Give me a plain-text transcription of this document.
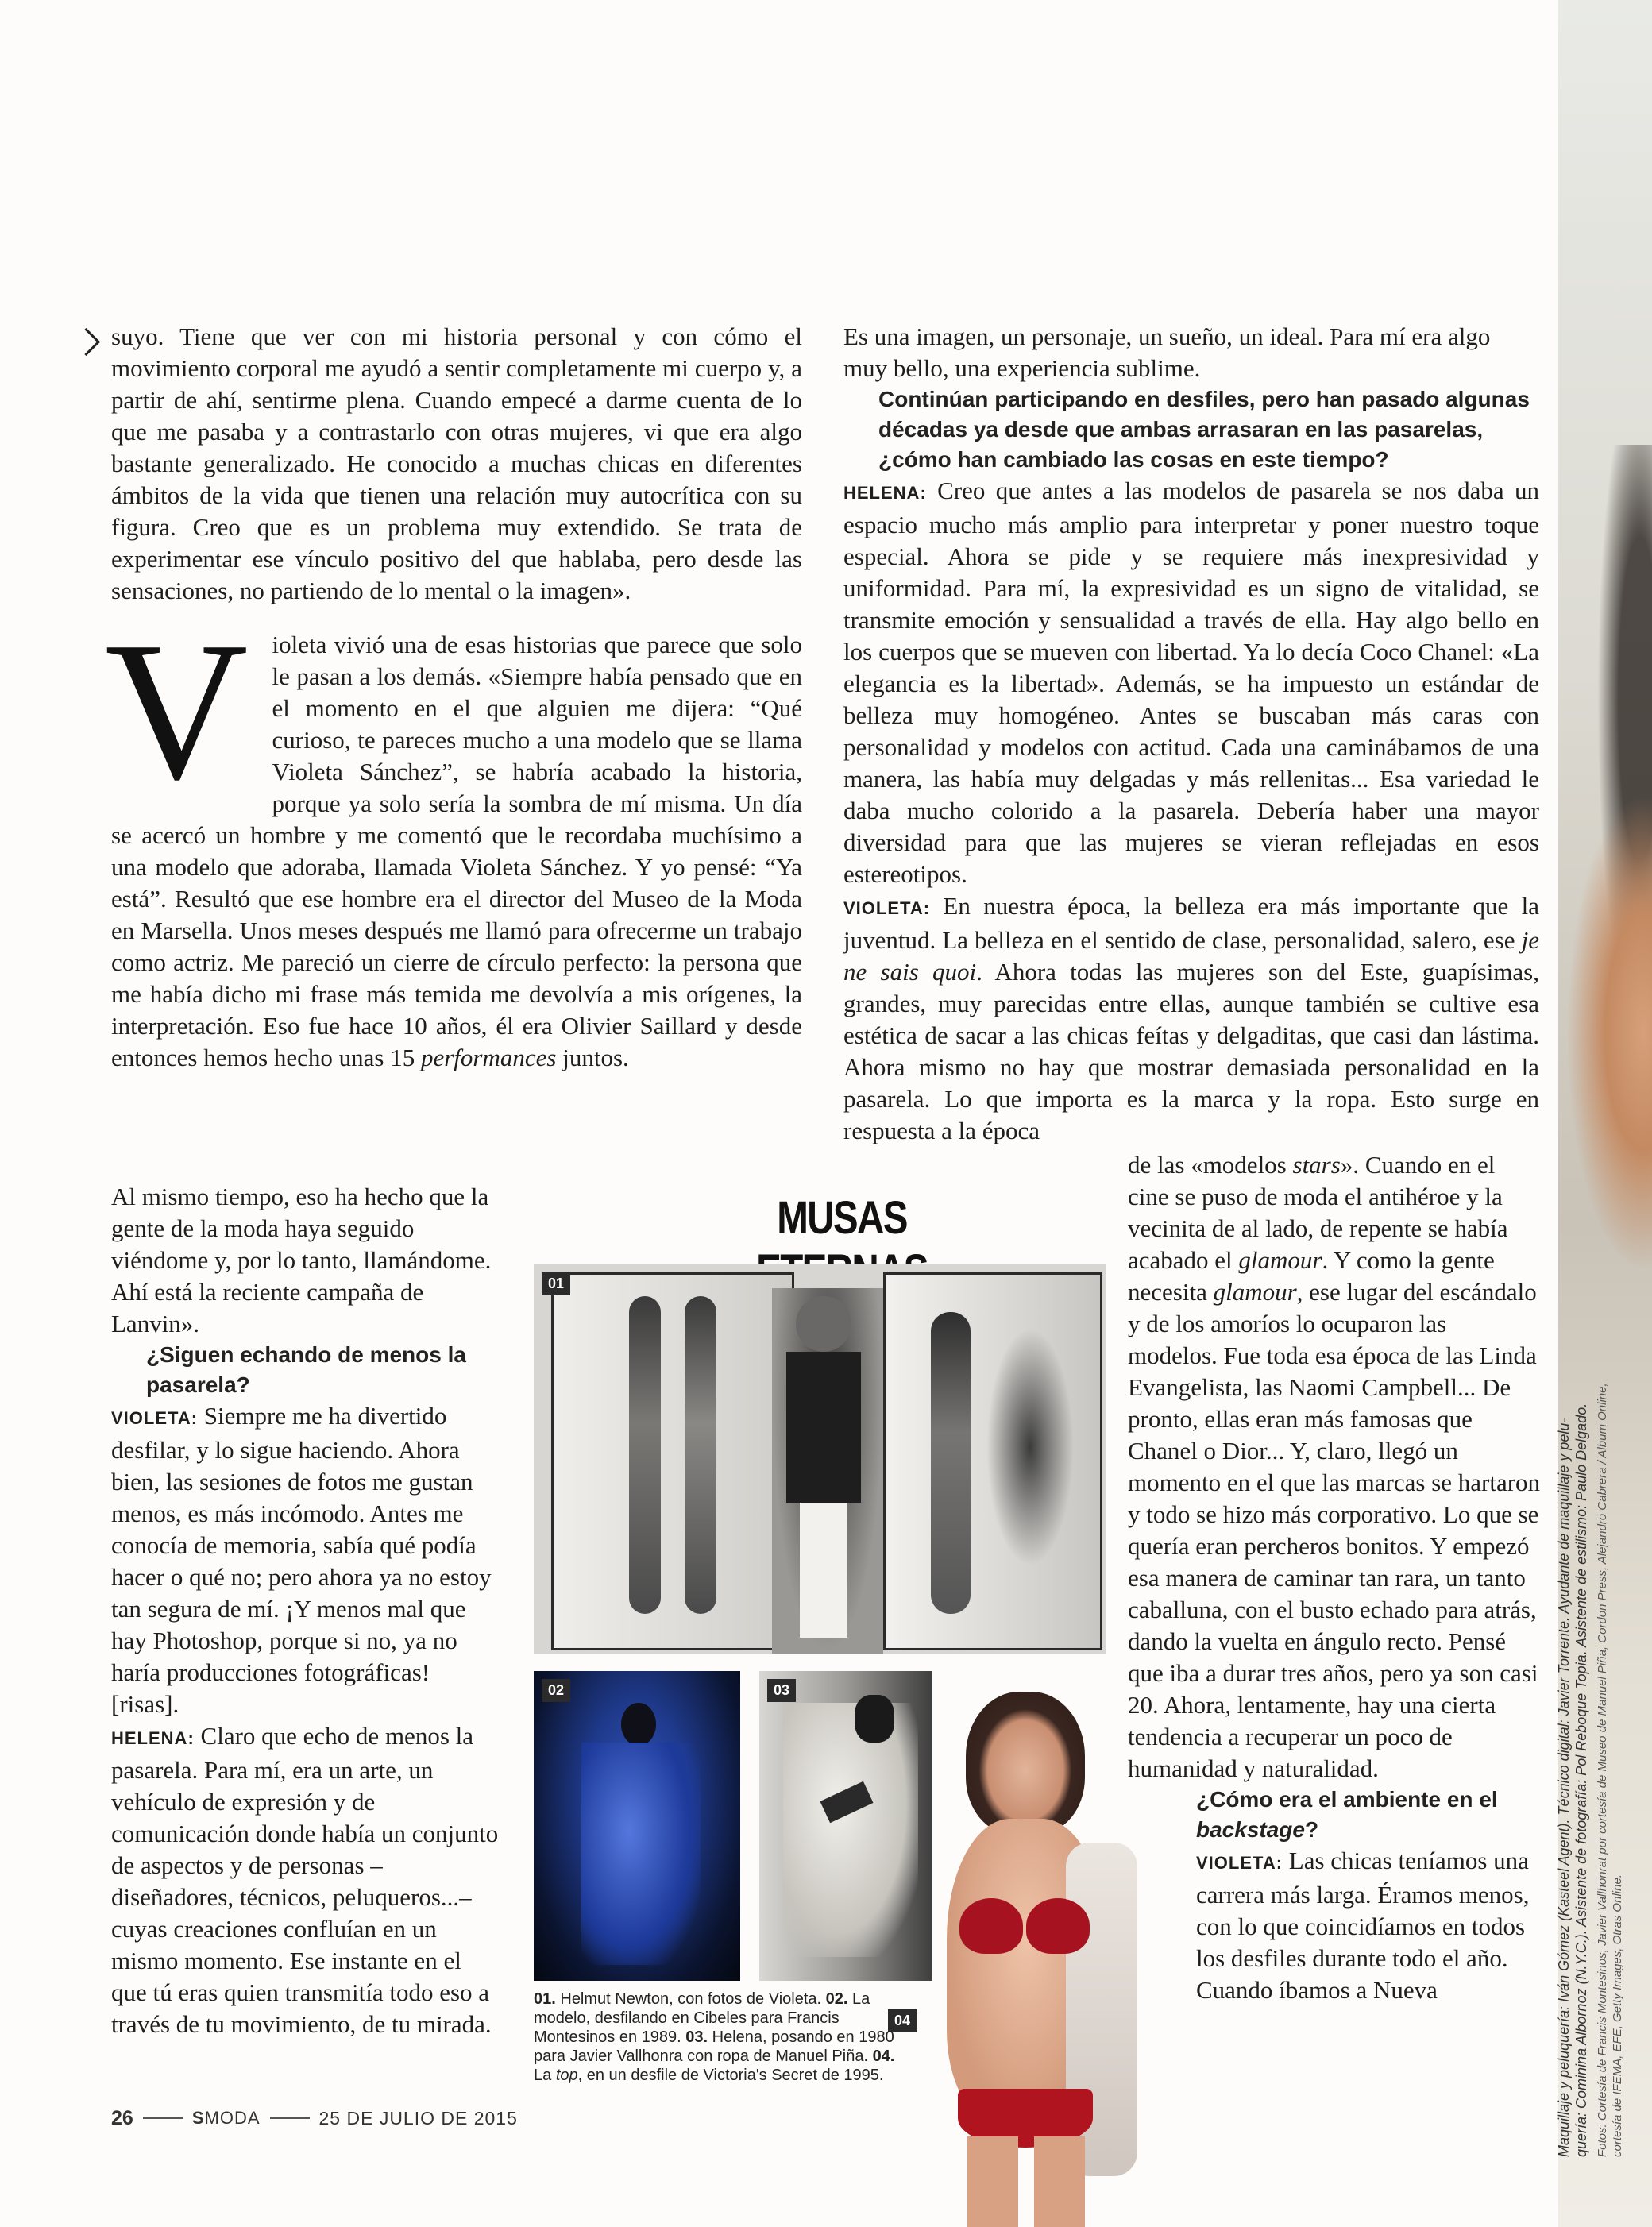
suyo. Tiene que ver con mi historia personal y con cómo el movimiento corporal me ayudó a sentir completamente mi cuerpo y, a partir de ahí, sentirme plena. Cuando empecé a darme cuenta de lo que me pasaba y a contrastarlo con otras mujeres, vi que era algo bastante generalizado. He conocido a muchas chicas en diferentes ámbitos de la vida que tienen una relación muy autocrítica con su figura. Creo que es un problema muy extendido. Se trata de experimentar ese vínculo positivo del que hablaba, pero desde las sensaciones, no partiendo de lo mental o la imagen».

Violeta vivió una de esas historias que parece que solo le pasan a los demás. «Siempre había pensado que en el momento en el que alguien me dijera: “Qué curioso, te pareces mucho a una modelo que se llama Violeta Sánchez”, se habría acabado la historia, porque ya solo sería la sombra de mí misma. Un día se acercó un hombre y me comentó que le recordaba muchísimo a una modelo que adoraba, llamada Violeta Sánchez. Y yo pensé: “Ya está”. Resultó que ese hombre era el director del Museo de la Moda en Marsella. Unos meses después me llamó para ofrecerme un trabajo como actriz. Me pareció un cierre de círculo perfecto: la persona que me había dicho mi frase más temida me devolvía a mis orígenes, la interpretación. Eso fue hace 10 años, él era Olivier Saillard y desde entonces hemos hecho unas 15 performances juntos.

Al mismo tiempo, eso ha hecho que la gente de la moda haya seguido viéndome y, por lo tanto, llamándome. Ahí está la reciente campaña de Lanvin».

¿Siguen echando de menos la pasarela?

VIOLETA: Siempre me ha divertido desfilar, y lo sigue haciendo. Ahora bien, las sesiones de fotos me gustan menos, es más incómodo. Antes me conocía de memoria, sabía qué podía hacer o qué no; pero ahora ya no estoy tan segura de mí. ¡Y menos mal que hay Photoshop, porque si no, ya no haría producciones fotográficas! [risas].

HELENA: Claro que echo de menos la pasarela. Para mí, era un arte, un vehículo de expresión y de comunicación donde había un conjunto de aspectos y de personas –diseñadores, técnicos, peluqueros...– cuyas creaciones confluían en un mismo momento. Ese instante en el que tú eras quien transmitía todo eso a través de tu movimiento, de tu mirada.

Es una imagen, un personaje, un sueño, un ideal. Para mí era algo muy bello, una experiencia sublime.

Continúan participando en desfiles, pero han pasado algunas décadas ya desde que ambas arrasaran en las pasarelas, ¿cómo han cambiado las cosas en este tiempo?

HELENA: Creo que antes a las modelos de pasarela se nos daba un espacio mucho más amplio para interpretar y poner nuestro toque especial. Ahora se pide y se requiere más inexpresividad y uniformidad. Para mí, la expresividad es un signo de vitalidad, se transmite emoción y sensualidad a través de ella. Hay algo bello en los cuerpos que se mueven con libertad. Ya lo decía Coco Chanel: «La elegancia es la libertad». Además, se ha impuesto un estándar de belleza muy homogéneo. Antes se buscaban más caras con personalidad y modelos con actitud. Cada una caminábamos de una manera, las había muy delgadas y más rellenitas... Esa variedad le daba mucho colorido a la pasarela. Debería haber una mayor diversidad para que las mujeres se vieran reflejadas en esos estereotipos.

VIOLETA: En nuestra época, la belleza era más importante que la juventud. La belleza en el sentido de clase, personalidad, salero, ese je ne sais quoi. Ahora todas las mujeres son del Este, guapísimas, grandes, muy parecidas entre ellas, aunque también se cultive esa estética de sacar a las chicas feítas y delgaditas, que casi dan lástima. Ahora mismo no hay que mostrar demasiada personalidad en la pasarela. Lo que importa es la marca y la ropa. Esto surge en respuesta a la época

de las «modelos stars». Cuando en el cine se puso de moda el antihéroe y la vecinita de al lado, de repente se había acabado el glamour. Y como la gente necesita glamour, ese lugar del escándalo y de los amoríos lo ocuparon las modelos. Fue toda esa época de las Linda Evangelista, las Naomi Campbell... De pronto, ellas eran más famosas que Chanel o Dior... Y, claro, llegó un momento en el que las marcas se hartaron y todo se hizo más corporativo. Lo que se quería eran percheros bonitos. Y empezó esa manera de caminar tan rara, un tanto caballuna, con el busto echado para atrás, dando la vuelta en ángulo recto. Pensé que iba a durar tres años, pero ya son casi 20. Ahora, lentamente, hay una cierta tendencia a recuperar un poco de humanidad y naturalidad.

¿Cómo era el ambiente en el backstage?

VIOLETA: Las chicas teníamos una carrera más larga. Éramos menos, con lo que coincidíamos en todos los desfiles durante todo el año. Cuando íbamos a Nueva

MUSAS
01
02	03
04
01. Helmut Newton, con fotos de Violeta. 02. La modelo, desfilando en Cibeles para Francis Montesinos en 1989. 03. Helena, posando en 1980 para Javier Vallhonra con ropa de Manuel Piña. 04. La top, en un desfile de Victoria's Secret de 1995.	Maquillaje y peluquería: Iván Gómez (Kasteel Agent). Técnico digital: Javier Torrente. Ayudante de maquillaje y pelu- quería: Cominina Albornoz (N.Y.C.). Asistente de fotografía: Pol Reboque Topia. Asistente de estilismo: Paulo Delgado. Fotos: Cortesía de Francis Montesinos, Javier Vallhonrat por cortesía de Museo de Manuel Piña, Cordon Press, Alejandro Cabrera / Album Online, cortesía de IFEMA, EFE, Getty Images, Otras Online.
26	SMODA	25 DE JULIO DE 2015
